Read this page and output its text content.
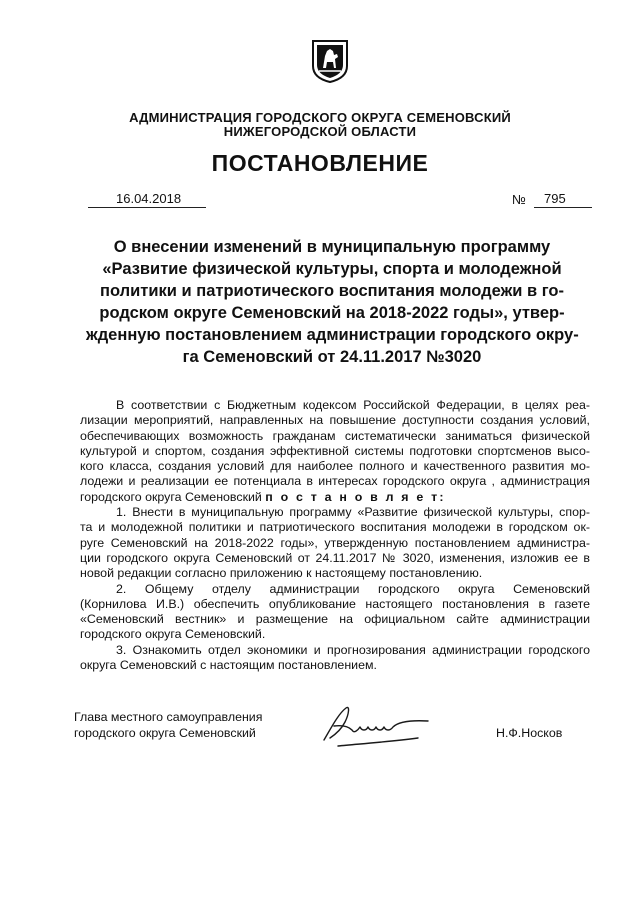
АДМИНИСТРАЦИЯ ГОРОДСКОГО ОКРУГА СЕМЕНОВСКИЙ
НИЖЕГОРОДСКОЙ ОБЛАСТИ
ПОСТАНОВЛЕНИЕ
16.04.2018	№ 795
О внесении изменений в муниципальную программу
«Развитие физической культуры, спорта и молодежной
политики и патриотического воспитания молодежи в го-
родском округе Семеновский на 2018-2022 годы», утвер-
жденную постановлением администрации городского окру-
га Семеновский от 24.11.2017 №3020
В соответствии с Бюджетным кодексом Российской Федерации, в целях реа-
лизации мероприятий, направленных на повышение доступности создания условий,
обеспечивающих возможность гражданам систематически заниматься физической
культурой и спортом, создания эффективной системы подготовки спортсменов высо-
кого класса, создания условий для наиболее полного и качественного развития мо-
лодежи и реализации ее потенциала в интересах городского округа , администрация
городского округа Семеновский п о с т а н о в л я е т:
1. Внести в муниципальную программу «Развитие физической культуры, спор-
та и молодежной политики и патриотического воспитания молодежи в городском ок-
руге Семеновский на 2018-2022 годы», утвержденную постановлением администра-
ции городского округа Семеновский от 24.11.2017 № 3020, изменения, изложив ее в
новой редакции согласно приложению к настоящему постановлению.
2. Общему отделу администрации городского округа Семеновский
(Корнилова И.В.) обеспечить опубликование настоящего постановления в газете
«Семеновский вестник» и размещение на официальном сайте администрации
городского округа Семеновский.
3. Ознакомить отдел экономики и прогнозирования администрации городского
округа Семеновский с настоящим постановлением.
Глава местного самоуправления
городского округа Семеновский	Н.Ф.Носков
